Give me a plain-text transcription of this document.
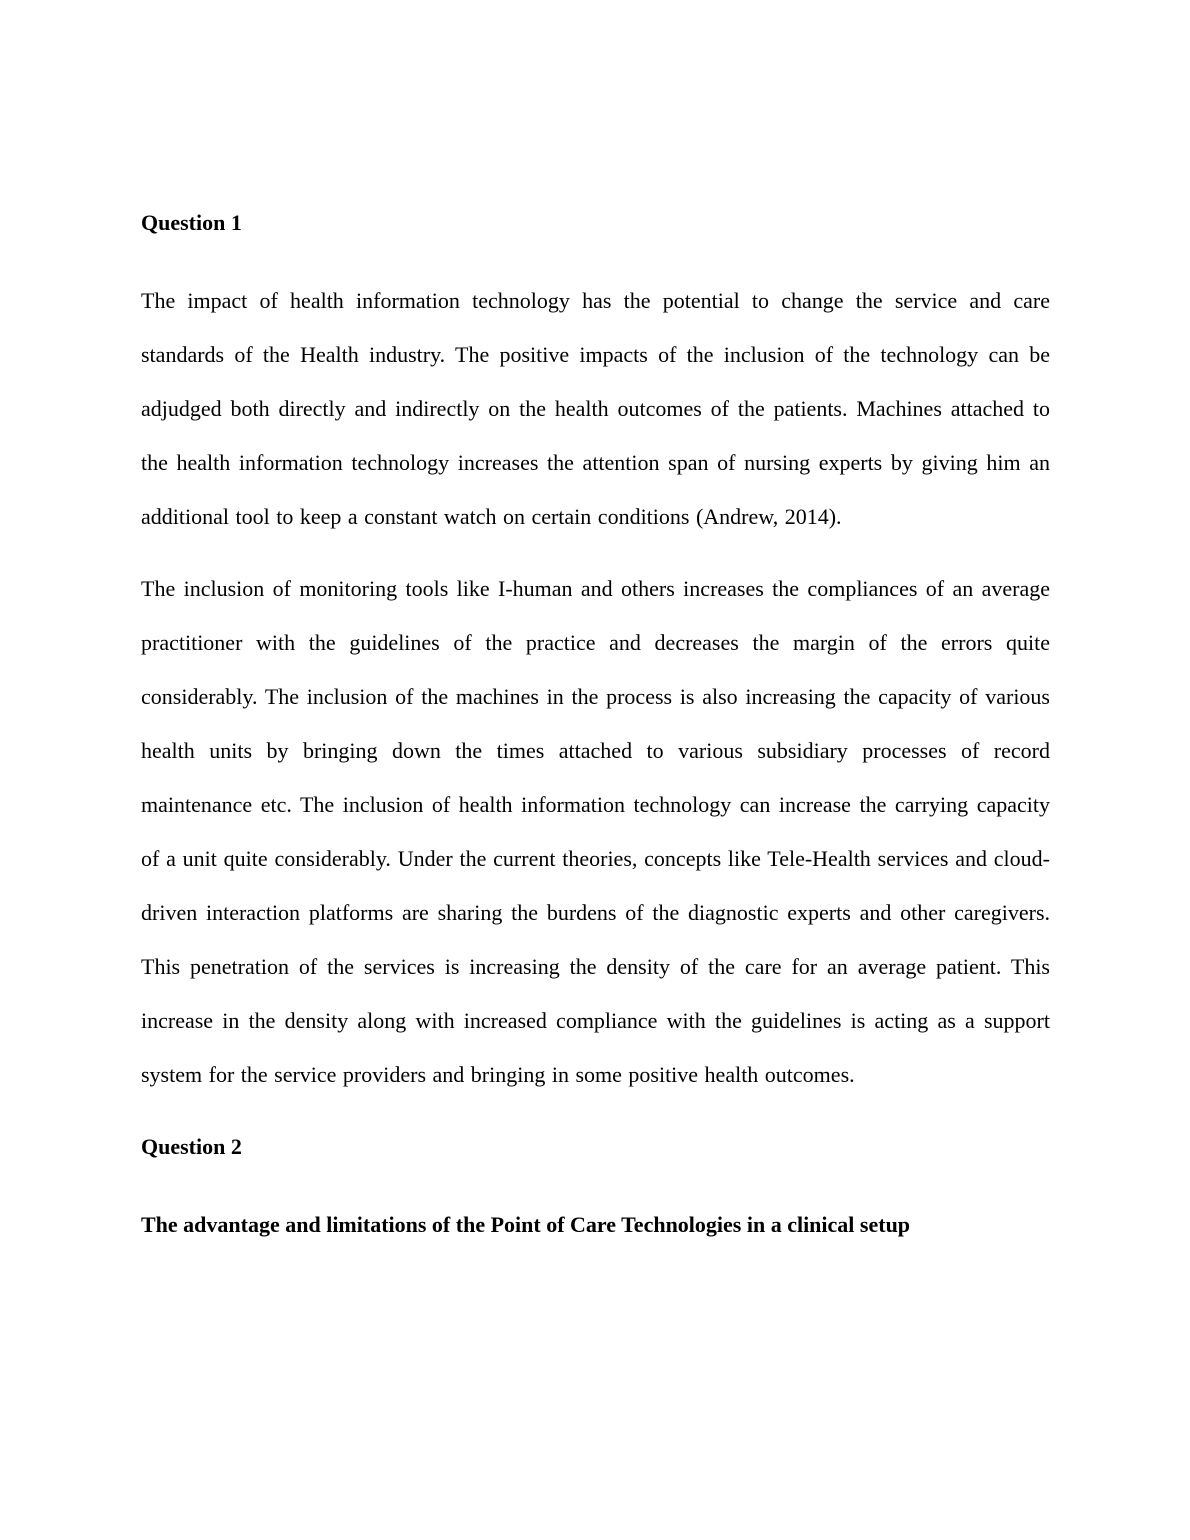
Question 1

The impact of health information technology has the potential to change the service and care standards of the Health industry. The positive impacts of the inclusion of the technology can be adjudged both directly and indirectly on the health outcomes of the patients. Machines attached to the health information technology increases the attention span of nursing experts by giving him an additional tool to keep a constant watch on certain conditions (Andrew, 2014).

The inclusion of monitoring tools like I-human and others increases the compliances of an average practitioner with the guidelines of the practice and decreases the margin of the errors quite considerably. The inclusion of the machines in the process is also increasing the capacity of various health units by bringing down the times attached to various subsidiary processes of record maintenance etc. The inclusion of health information technology can increase the carrying capacity of a unit quite considerably. Under the current theories, concepts like Tele-Health services and cloud-driven interaction platforms are sharing the burdens of the diagnostic experts and other caregivers. This penetration of the services is increasing the density of the care for an average patient. This increase in the density along with increased compliance with the guidelines is acting as a support system for the service providers and bringing in some positive health outcomes.

Question 2

The advantage and limitations of the Point of Care Technologies in a clinical setup
